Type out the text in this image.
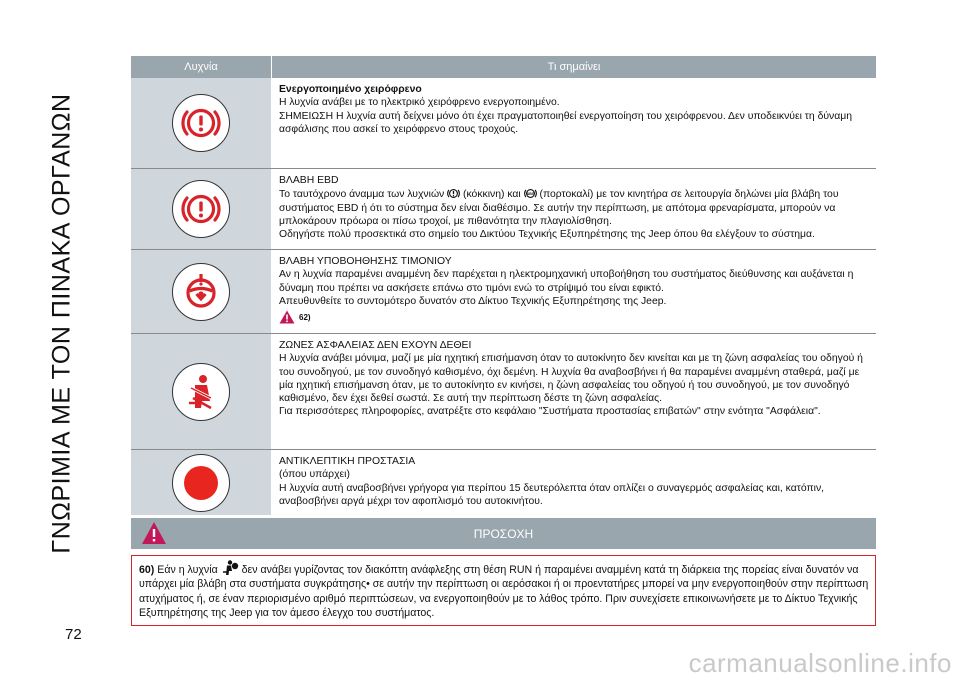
ΓΝΩΡΙΜΙΑ ΜΕ ΤΟΝ ΠΙΝΑΚΑ ΟΡΓΑΝΩΝ
Λυχνία	Τι σημαίνει

Ενεργοποιημένο χειρόφρενο

Η λυχνία ανάβει με το ηλεκτρικό χειρόφρενο ενεργοποιημένο.

ΣΗΜΕΙΩΣΗ Η λυχνία αυτή δείχνει μόνο ότι έχει πραγματοποιηθεί ενεργοποίηση του χειρόφρενου. Δεν υποδεικνύει τη δύναμη ασφάλισης που ασκεί το χειρόφρενο στους τροχούς.

ΒΛΑΒΗ EBD

Το ταυτόχρονο άναμμα των λυχνιών (κόκκινη) και ABS (πορτοκαλί) με τον κινητήρα σε λειτουργία δηλώνει μία βλάβη του συστήματος EBD ή ότι το σύστημα δεν είναι διαθέσιμο. Σε αυτήν την περίπτωση, με απότομα φρεναρίσματα, μπορούν να μπλοκάρουν πρόωρα οι πίσω τροχοί, με πιθανότητα την πλαγιολίσθηση.

Οδηγήστε πολύ προσεκτικά στο σημείο του Δικτύου Τεχνικής Εξυπηρέτησης της Jeep όπου θα ελέγξουν το σύστημα.

ΒΛΑΒΗ ΥΠΟΒΟΗΘΗΣΗΣ ΤΙΜΟΝΙΟΥ

Αν η λυχνία παραμένει αναμμένη δεν παρέχεται η ηλεκτρομηχανική υποβοήθηση του συστήματος διεύθυνσης και αυξάνεται η δύναμη που πρέπει να ασκήσετε επάνω στο τιμόνι ενώ το στρίψιμό του είναι εφικτό.

Απευθυνθείτε το συντομότερο δυνατόν στο Δίκτυο Τεχνικής Εξυπηρέτησης της Jeep.

62)

ΖΩΝΕΣ ΑΣΦΑΛΕΙΑΣ ΔΕΝ ΕΧΟΥΝ ΔΕΘΕΙ

Η λυχνία ανάβει μόνιμα, μαζί με μία ηχητική επισήμανση όταν το αυτοκίνητο δεν κινείται και με τη ζώνη ασφαλείας του οδηγού ή του συνοδηγού, με τον συνοδηγό καθισμένο, όχι δεμένη. Η λυχνία θα αναβοσβήνει ή θα παραμένει αναμμένη σταθερά, μαζί με μία ηχητική επισήμανση όταν, με το αυτοκίνητο εν κινήσει, η ζώνη ασφαλείας του οδηγού ή του συνοδηγού, με τον συνοδηγό καθισμένο, δεν έχει δεθεί σωστά. Σε αυτή την περίπτωση δέστε τη ζώνη ασφαλείας.

Για περισσότερες πληροφορίες, ανατρέξτε στο κεφάλαιο "Συστήματα προστασίας επιβατών" στην ενότητα "Ασφάλεια".

ΑΝΤΙΚΛΕΠΤΙΚΗ ΠΡΟΣΤΑΣΙΑ

(όπου υπάρχει)

Η λυχνία αυτή αναβοσβήνει γρήγορα για περίπου 15 δευτερόλεπτα όταν οπλίζει ο συναγερμός ασφαλείας και, κατόπιν, αναβοσβήνει αργά μέχρι τον αφοπλισμό του αυτοκινήτου.

ΠΡΟΣΟΧΗ
60) Εάν η λυχνία δεν ανάβει γυρίζοντας τον διακόπτη ανάφλεξης στη θέση RUN ή παραμένει αναμμένη κατά τη διάρκεια της πορείας είναι δυνατόν να υπάρχει μία βλάβη στα συστήματα συγκράτησης• σε αυτήν την περίπτωση οι αερόσακοι ή οι προεντατήρες μπορεί να μην ενεργοποιηθούν στην περίπτωση ατυχήματος ή, σε έναν περιορισμένο αριθμό περιπτώσεων, να ενεργοποιηθούν με το λάθος τρόπο. Πριν συνεχίσετε επικοινωνήσετε με το Δίκτυο Τεχνικής Εξυπηρέτησης της Jeep για τον άμεσο έλεγχο του συστήματος.
72
carmanualsonline.info
